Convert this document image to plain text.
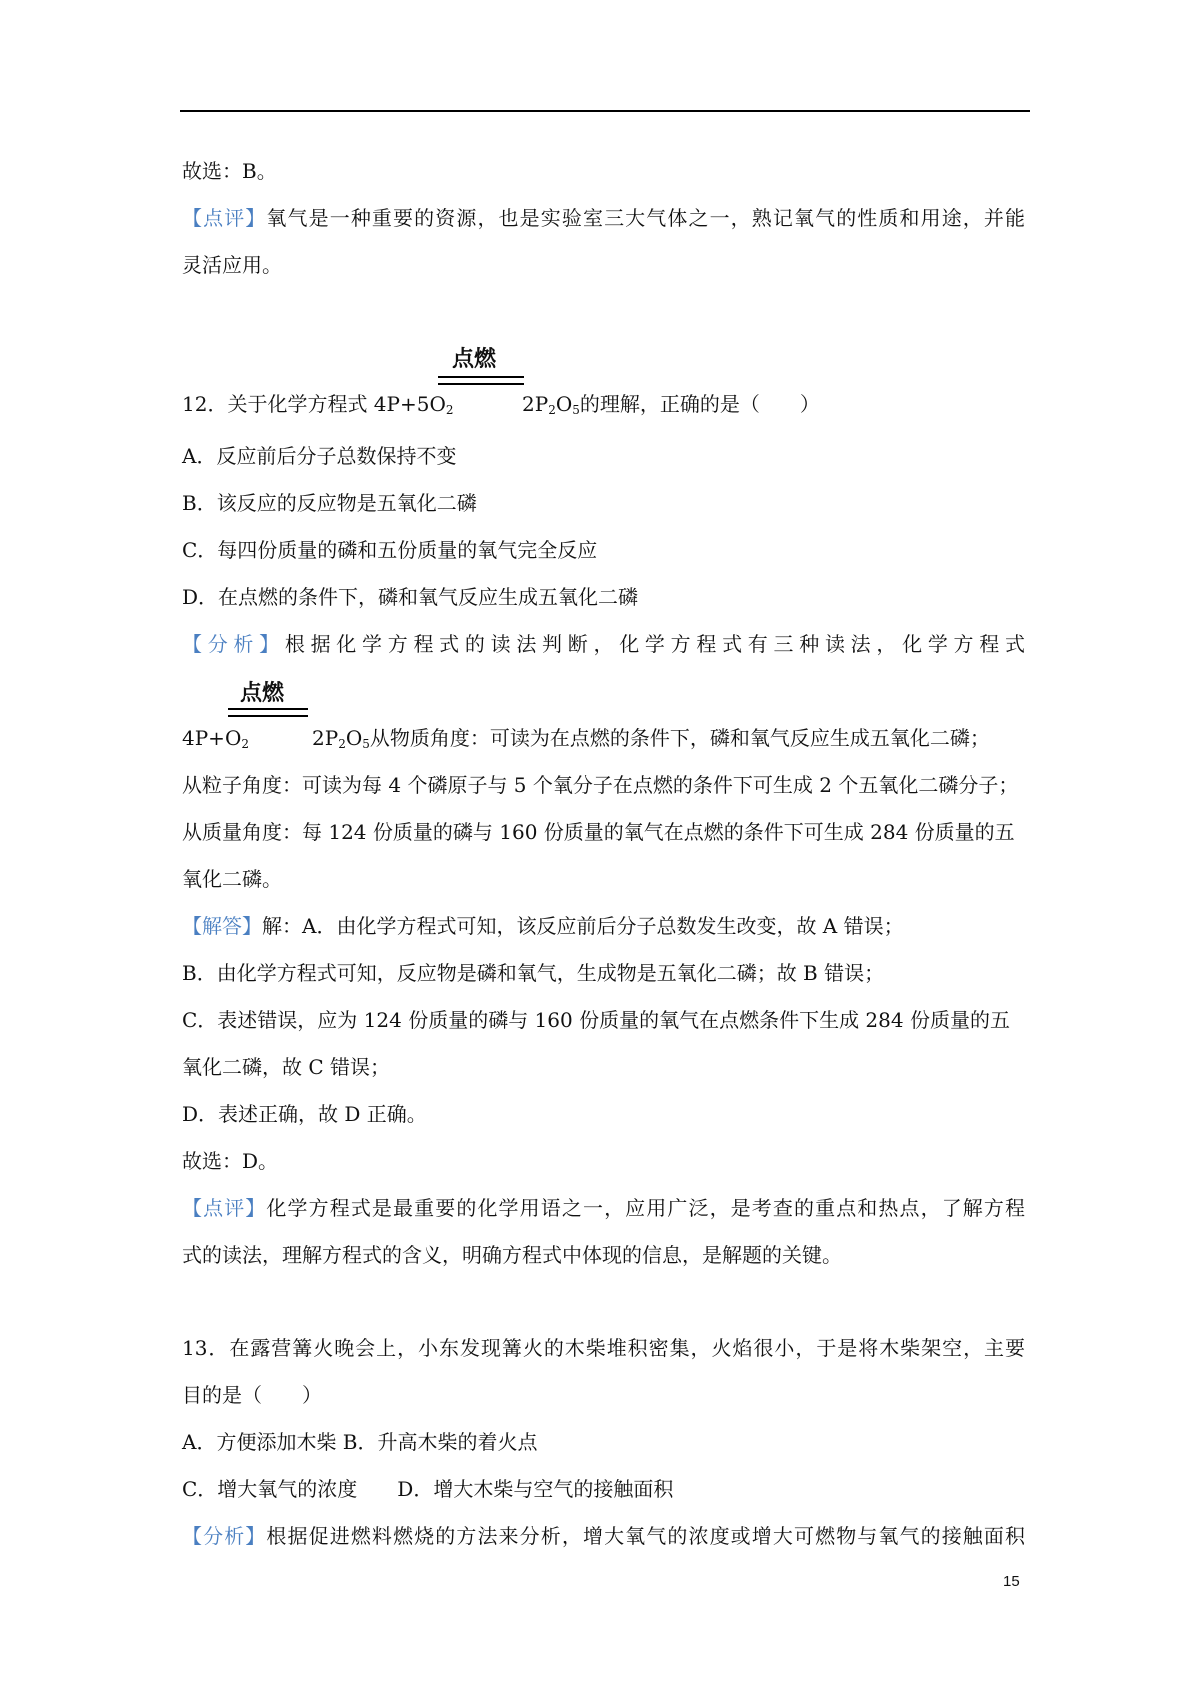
故选：B。
【点评】氧气是一种重要的资源，也是实验室三大气体之一，熟记氧气的性质和用途，并能
灵活应用。
点燃
12．关于化学方程式 $4P+5O_2$	$2P_2O_5$的理解，正确的是（　　）
A．反应前后分子总数保持不变
B．该反应的反应物是五氧化二磷
C．每四份质量的磷和五份质量的氧气完全反应
D．在点燃的条件下，磷和氧气反应生成五氧化二磷
【分析】根据化学方程式的读法判断，化学方程式有三种读法，化学方程式
点燃
$4P+O_2$	$2P_2O_5$从物质角度：可读为在点燃的条件下，磷和氧气反应生成五氧化二磷；
从粒子角度：可读为每 4 个磷原子与 5 个氧分子在点燃的条件下可生成 2 个五氧化二磷分子；
从质量角度：每 124 份质量的磷与 160 份质量的氧气在点燃的条件下可生成 284 份质量的五
氧化二磷。
【解答】解：A．由化学方程式可知，该反应前后分子总数发生改变，故 A 错误；
B．由化学方程式可知，反应物是磷和氧气，生成物是五氧化二磷；故 B 错误；
C．表述错误，应为 124 份质量的磷与 160 份质量的氧气在点燃条件下生成 284 份质量的五
氧化二磷，故 C 错误；
D．表述正确，故 D 正确。
故选：D。
【点评】化学方程式是最重要的化学用语之一，应用广泛，是考查的重点和热点，了解方程
式的读法，理解方程式的含义，明确方程式中体现的信息，是解题的关键。
13．在露营篝火晚会上，小东发现篝火的木柴堆积密集，火焰很小，于是将木柴架空，主要
目的是（　　）
A．方便添加木柴 B．升高木柴的着火点
C．增大氧气的浓度　　D．增大木柴与空气的接触面积
【分析】根据促进燃料燃烧的方法来分析，增大氧气的浓度或增大可燃物与氧气的接触面积
15
